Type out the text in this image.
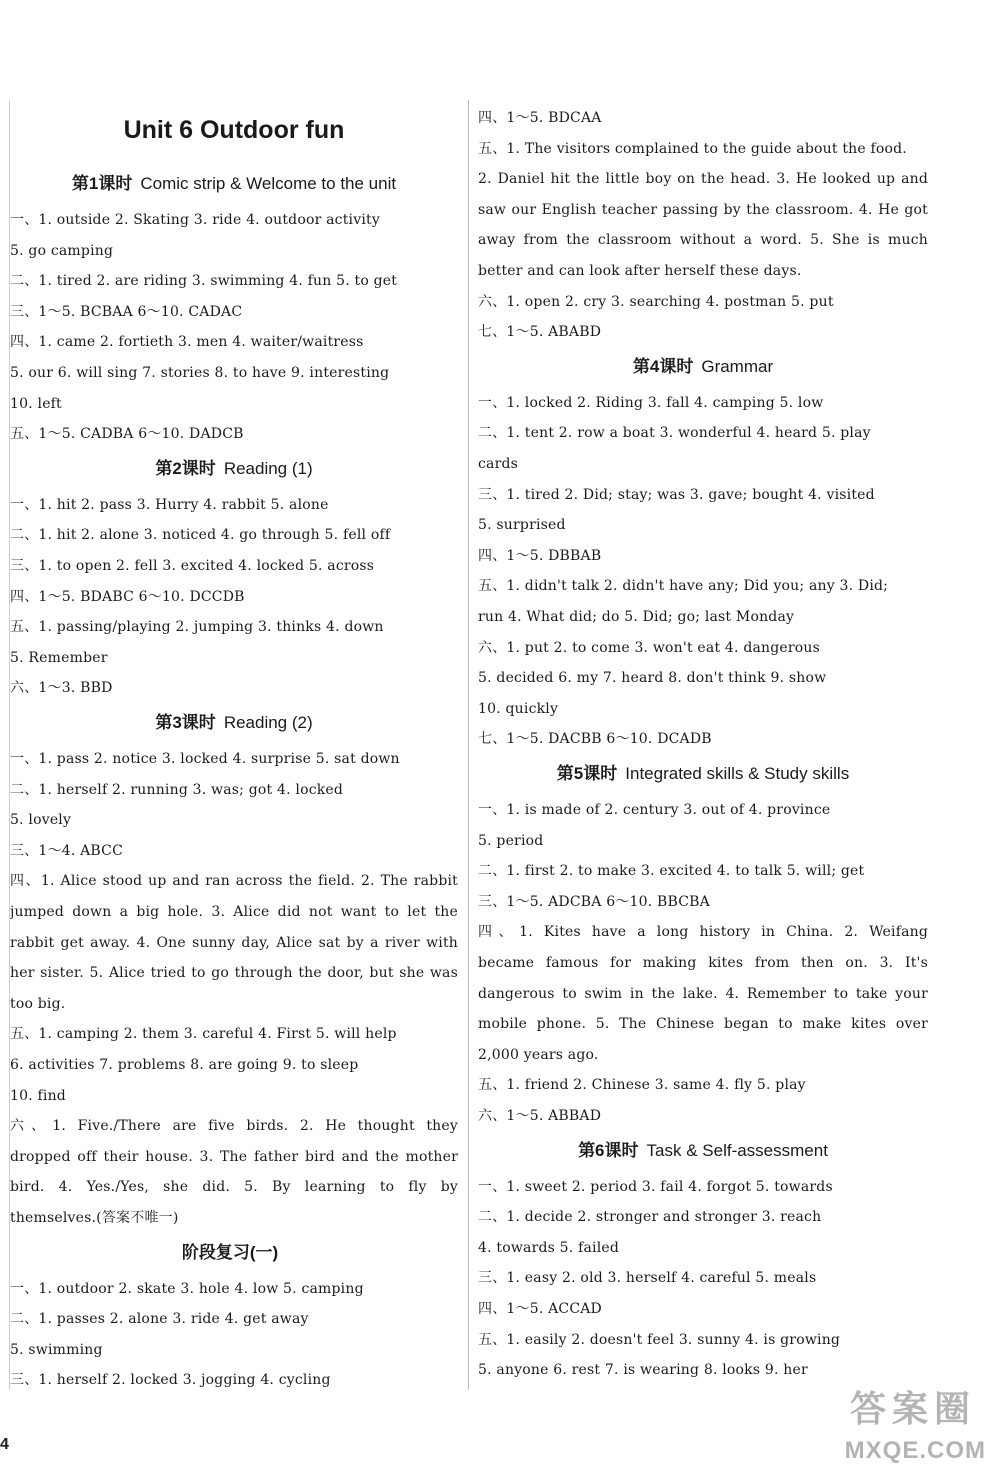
Unit 6 Outdoor fun
第1课时 Comic strip & Welcome to the unit
一、1. outside 2. Skating 3. ride 4. outdoor activity
5. go camping
二、1. tired 2. are riding 3. swimming 4. fun 5. to get
三、1～5. BCBAA 6～10. CADAC
四、1. came 2. fortieth 3. men 4. waiter/waitress
5. our 6. will sing 7. stories 8. to have 9. interesting
10. left
五、1～5. CADBA 6～10. DADCB
第2课时 Reading (1)
一、1. hit 2. pass 3. Hurry 4. rabbit 5. alone
二、1. hit 2. alone 3. noticed 4. go through 5. fell off
三、1. to open 2. fell 3. excited 4. locked 5. across
四、1～5. BDABC 6～10. DCCDB
五、1. passing/playing 2. jumping 3. thinks 4. down
5. Remember
六、1～3. BBD
第3课时 Reading (2)
一、1. pass 2. notice 3. locked 4. surprise 5. sat down
二、1. herself 2. running 3. was; got 4. locked
5. lovely
三、1～4. ABCC
四、1. Alice stood up and ran across the field. 2. The rabbit
jumped down a big hole. 3. Alice did not want to let the
rabbit get away. 4. One sunny day, Alice sat by a river with
her sister. 5. Alice tried to go through the door, but she was
too big.
五、1. camping 2. them 3. careful 4. First 5. will help
6. activities 7. problems 8. are going 9. to sleep
10. find
六、1. Five./There are five birds. 2. He thought they
dropped off their house. 3. The father bird and the mother
bird. 4. Yes./Yes, she did. 5. By learning to fly by
themselves.(答案不唯一)
阶段复习(一)
一、1. outdoor 2. skate 3. hole 4. low 5. camping
二、1. passes 2. alone 3. ride 4. get away
5. swimming
三、1. herself 2. locked 3. jogging 4. cycling
四、1～5. BDCAA
五、1. The visitors complained to the guide about the food.
2. Daniel hit the little boy on the head. 3. He looked up and
saw our English teacher passing by the classroom. 4. He got
away from the classroom without a word. 5. She is much
better and can look after herself these days.
六、1. open 2. cry 3. searching 4. postman 5. put
七、1～5. ABABD
第4课时 Grammar
一、1. locked 2. Riding 3. fall 4. camping 5. low
二、1. tent 2. row a boat 3. wonderful 4. heard 5. play
cards
三、1. tired 2. Did; stay; was 3. gave; bought 4. visited
5. surprised
四、1～5. DBBAB
五、1. didn't talk 2. didn't have any; Did you; any 3. Did;
run 4. What did; do 5. Did; go; last Monday
六、1. put 2. to come 3. won't eat 4. dangerous
5. decided 6. my 7. heard 8. don't think 9. show
10. quickly
七、1～5. DACBB 6～10. DCADB
第5课时 Integrated skills & Study skills
一、1. is made of 2. century 3. out of 4. province
5. period
二、1. first 2. to make 3. excited 4. to talk 5. will; get
三、1～5. ADCBA 6～10. BBCBA
四、1. Kites have a long history in China. 2. Weifang
became famous for making kites from then on. 3. It's
dangerous to swim in the lake. 4. Remember to take your
mobile phone. 5. The Chinese began to make kites over
2,000 years ago.
五、1. friend 2. Chinese 3. same 4. fly 5. play
六、1～5. ABBAD
第6课时 Task & Self-assessment
一、1. sweet 2. period 3. fail 4. forgot 5. towards
二、1. decide 2. stronger and stronger 3. reach
4. towards 5. failed
三、1. easy 2. old 3. herself 4. careful 5. meals
四、1～5. ACCAD
五、1. easily 2. doesn't feel 3. sunny 4. is growing
5. anyone 6. rest 7. is wearing 8. looks 9. her
4
答案圈
MXQE.COM
